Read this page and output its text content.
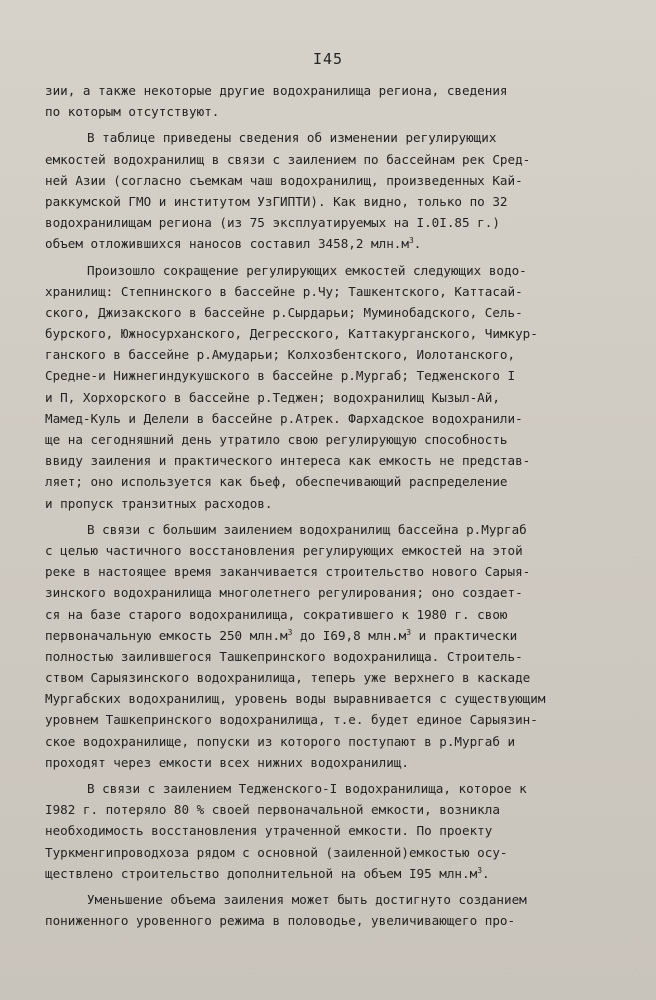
I45
зии, а также некоторые другие водохранилища региона, сведения
по которым отсутствуют.
В таблице приведены сведения об изменении регулирующих
емкостей водохранилищ в связи с заилением по бассейнам рек Сред-
ней Азии (согласно съемкам чаш водохранилищ, произведенных Кай-
раккумской ГМО и институтом УзГИПТИ). Как видно, только по 32
водохранилищам региона (из 75 эксплуатируемых на I.0I.85 г.)
объем отложившихся наносов составил 3458,2 $млн.м^3$.
Произошло сокращение регулирующих емкостей следующих водо-
хранилищ: Степнинского в бассейне р.Чу; Ташкентского, Каттасай-
ского, Джизакского в бассейне р.Сырдарьи; Муминобадского, Сель-
бурского, Южносурханского, Дегресского, Каттакурганского, Чимкур-
ганского в бассейне р.Амударьи; Колхозбентского, Иолотанского,
Средне-и Нижнегиндукушского в бассейне р.Мургаб; Теджeнского I
и П, Хорхорского в бассейне р.Теджен; водохранилищ Кызыл-Ай,
Мамед-Куль и Делели в бассейне р.Атрек. Фархадское водохранили-
ще на сегодняшний день утратило свою регулирующую способность
ввиду заиления и практического интереса как емкость не представ-
ляет; оно используется как бьеф, обеспечивающий распределение
и пропуск транзитных расходов.
В связи с большим заилением водохранилищ бассейна р.Мургаб
с целью частичного восстановления регулирующих емкостей на этой
реке в настоящее время заканчивается строительство нового Сарыя-
зинского водохранилища многолетнего регулирования; оно создает-
ся на базе старого водохранилища, сократившего к 1980 г. свою
первоначальную емкость 250 $млн.м^3$ до I69,8 $млн.м^3$ и практически
полностью заилившегося Ташкепринского водохранилища. Строитель-
ством Сарыязинского водохранилища, теперь уже верхнего в каскаде
Мургабских водохранилищ, уровень воды выравнивается с существующим
уровнем Ташкепринского водохранилища, т.е. будет единое Сарыязин-
ское водохранилище, попуски из которого поступают в р.Мургаб и
проходят через емкости всех нижних водохранилищ.
В связи с заилением Тедженского-I водохранилища, которое к
I982 г. потеряло 80 % своей первоначальной емкости, возникла
необходимость восстановления утраченной емкости. По проекту
Туркменгипроводхоза рядом с основной (заиленной)емкостью осу-
ществлено строительство дополнительной на объем I95 $млн.м^3$.
Уменьшение объема заиления может быть достигнуто созданием
пониженного уровенного режима в половодье, увеличивающего про-
